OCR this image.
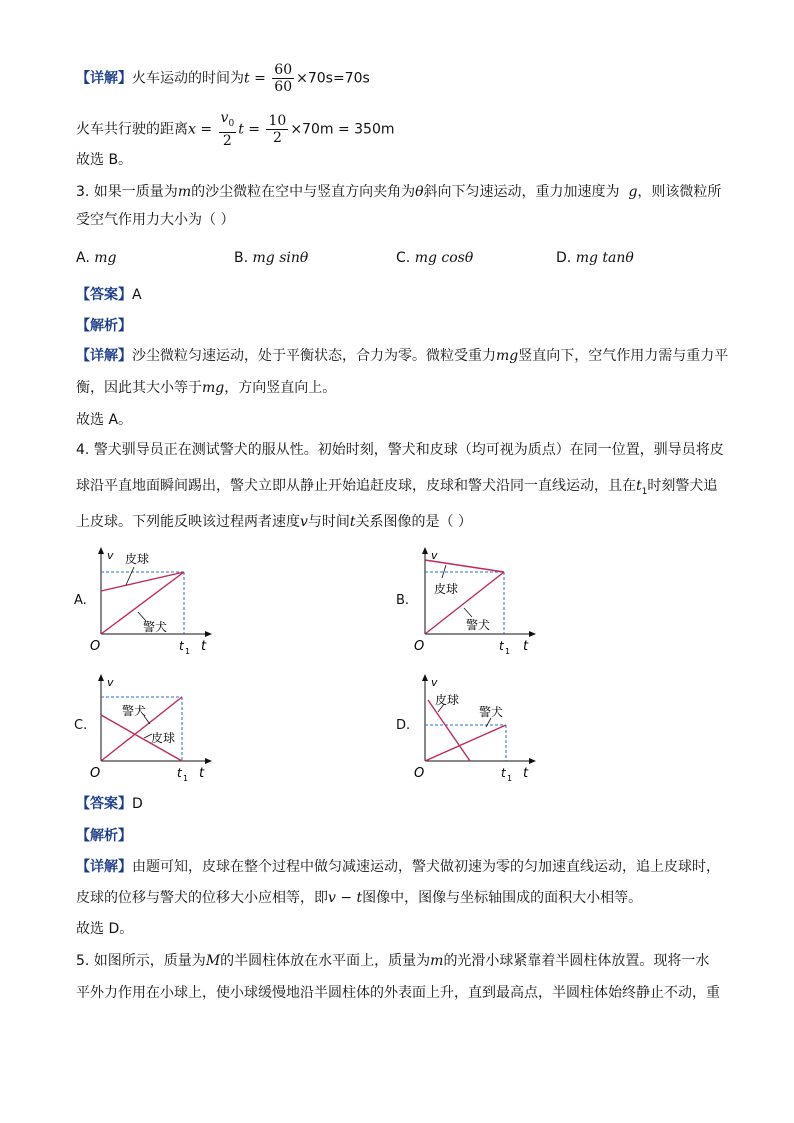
【详解】火车运动的时间为$t = \frac{60}{60} \times 70s=70s$
火车共行驶的距离$x = \frac{v_0}{2}$ $t = \frac{10}{2} \times 70m = 350m$
故选 B。
3. 如果一质量为m的沙尘微粒在空中与竖直方向夹角为θ斜向下匀速运动，重力加速度为 g，则该微粒所
受空气作用力大小为（ ）
A. mg	B. mg sinθ	C. mg cosθ	D. mg tanθ
【答案】A
【解析】
【详解】沙尘微粒匀速运动，处于平衡状态，合力为零。微粒受重力mg竖直向下，空气作用力需与重力平
衡，因此其大小等于mg，方向竖直向上。
故选 A。
4. 警犬驯导员正在测试警犬的服从性。初始时刻，警犬和皮球（均可视为质点）在同一位置，驯导员将皮
球沿平直地面瞬间踢出，警犬立即从静止开始追赶皮球，皮球和警犬沿同一直线运动，且在$t_1$时刻警犬追
上皮球。下列能反映该过程两者速度v与时间t关系图像的是（ ）
A.	B.
C.	D.
皮球
警犬
v
O	t 1 t
皮球
警犬
v
O	t 1 t
警犬
皮球
v
O	t 1 t
皮球
警犬
v
O	t 1 t
【答案】D
【解析】
【详解】由题可知，皮球在整个过程中做匀减速运动，警犬做初速为零的匀加速直线运动，追上皮球时，
皮球的位移与警犬的位移大小应相等，即v − t图像中，图像与坐标轴围成的面积大小相等。
故选 D。
5. 如图所示，质量为M的半圆柱体放在水平面上，质量为m的光滑小球紧靠着半圆柱体放置。现将一水
平外力作用在小球上，使小球缓慢地沿半圆柱体的外表面上升，直到最高点，半圆柱体始终静止不动，重
